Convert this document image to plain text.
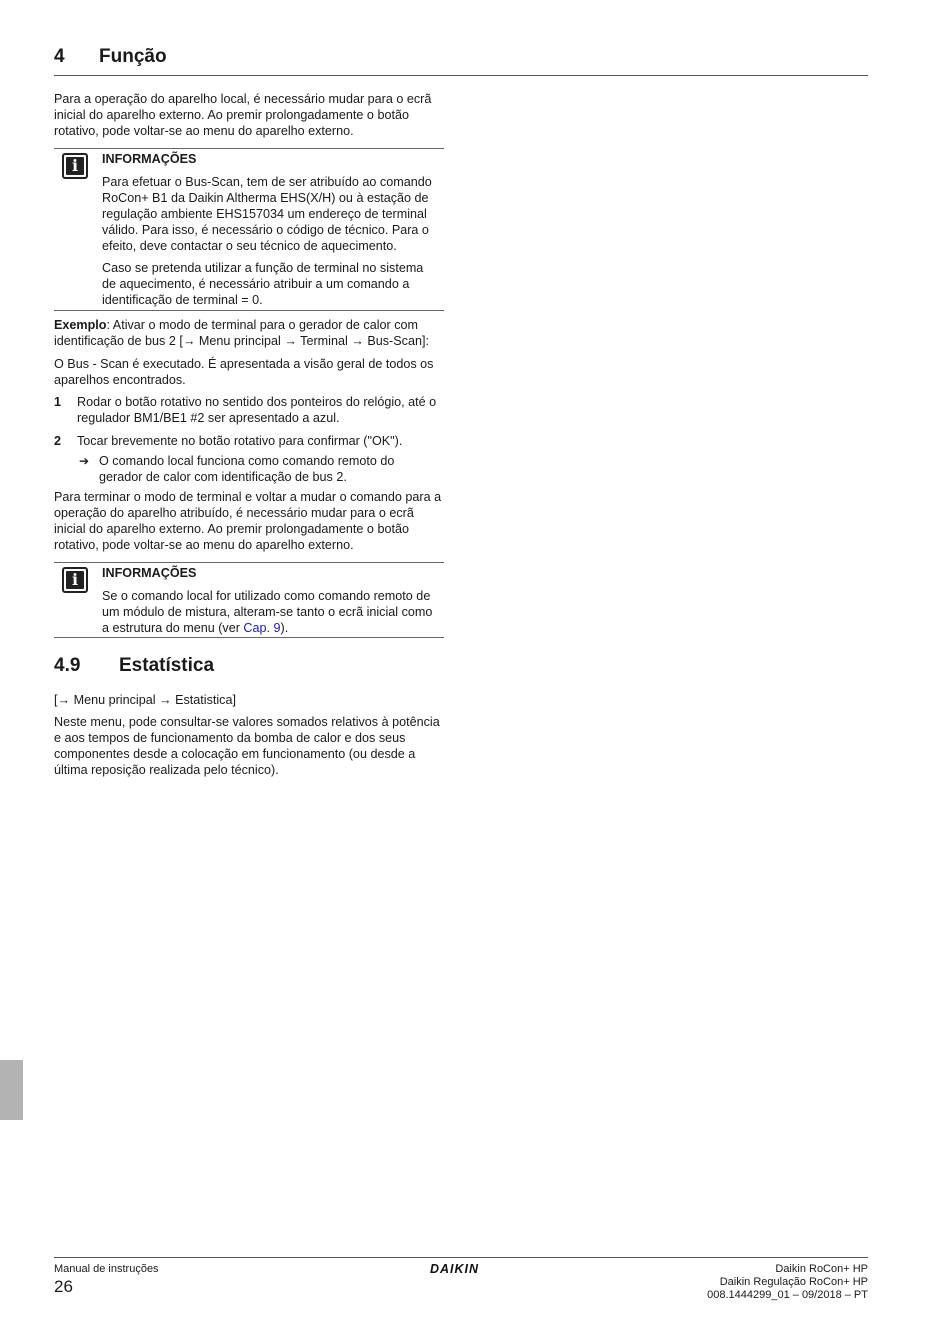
4 Função

Para a operação do aparelho local, é necessário mudar para o ecrã inicial do aparelho externo. Ao premir prolongadamente o botão rotativo, pode voltar-se ao menu do aparelho externo.

i	INFORMAÇÕES
Para efetuar o Bus-Scan, tem de ser atribuído ao comando RoCon+ B1 da Daikin Altherma EHS(X/H) ou à estação de regulação ambiente EHS157034 um endereço de terminal válido. Para isso, é necessário o código de técnico. Para o efeito, deve contactar o seu técnico de aquecimento.
Caso se pretenda utilizar a função de terminal no sistema de aquecimento, é necessário atribuir a um comando a identificação de terminal = 0.

Exemplo: Ativar o modo de terminal para o gerador de calor com identificação de bus 2 [→ Menu principal → Terminal → Bus-Scan]:

O Bus - Scan é executado. É apresentada a visão geral de todos os aparelhos encontrados.

1 Rodar o botão rotativo no sentido dos ponteiros do relógio, até o regulador BM1/BE1 #2 ser apresentado a azul.
2 Tocar brevemente no botão rotativo para confirmar ("OK").
➔ O comando local funciona como comando remoto do gerador de calor com identificação de bus 2.

Para terminar o modo de terminal e voltar a mudar o comando para a operação do aparelho atribuído, é necessário mudar para o ecrã inicial do aparelho externo. Ao premir prolongadamente o botão rotativo, pode voltar-se ao menu do aparelho externo.

i	INFORMAÇÕES
Se o comando local for utilizado como comando remoto de um módulo de mistura, alteram-se tanto o ecrã inicial como a estrutura do menu (ver Cap. 9).
4.9 Estatística

[→ Menu principal → Estatistica]

Neste menu, pode consultar-se valores somados relativos à potência e aos tempos de funcionamento da bomba de calor e dos seus componentes desde a colocação em funcionamento (ou desde a última reposição realizada pelo técnico).

Manual de instruções
26
DAIKIN	Daikin RoCon+ HP
Daikin Regulação RoCon+ HP
008.1444299_01 – 09/2018 – PT
